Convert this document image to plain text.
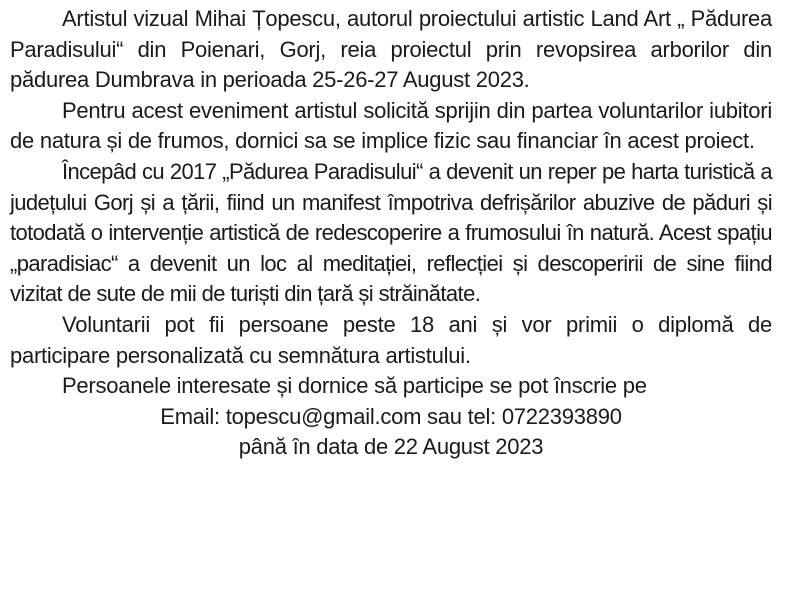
Artistul vizual Mihai Țopescu, autorul proiectului artistic Land Art „ Pădurea Paradisului“ din Poienari, Gorj, reia proiectul prin revopsirea arborilor din pădurea Dumbrava in perioada 25-26-27 August 2023.

Pentru acest eveniment artistul solicită sprijin din partea voluntarilor iubitori de natura și de frumos, dornici sa se implice fizic sau financiar în acest proiect.

Începâd cu 2017 „Pădurea Paradisului“ a devenit un reper pe harta turistică a județului Gorj și a țării, fiind un manifest împotriva defrișărilor abuzive de păduri și totodată o intervenție artistică de redescoperire a frumosului în natură. Acest spațiu „paradisiac“ a devenit un loc al meditației, reflecției și descoperirii de sine fiind vizitat de sute de mii de turiști din țară și străinătate.

Voluntarii pot fii persoane peste 18 ani și vor primii o diplomă de participare personalizată cu semnătura artistului.

Persoanele interesate și dornice să participe se pot înscrie pe
Email: topescu@gmail.com sau tel: 0722393890
până în data de 22 August 2023
